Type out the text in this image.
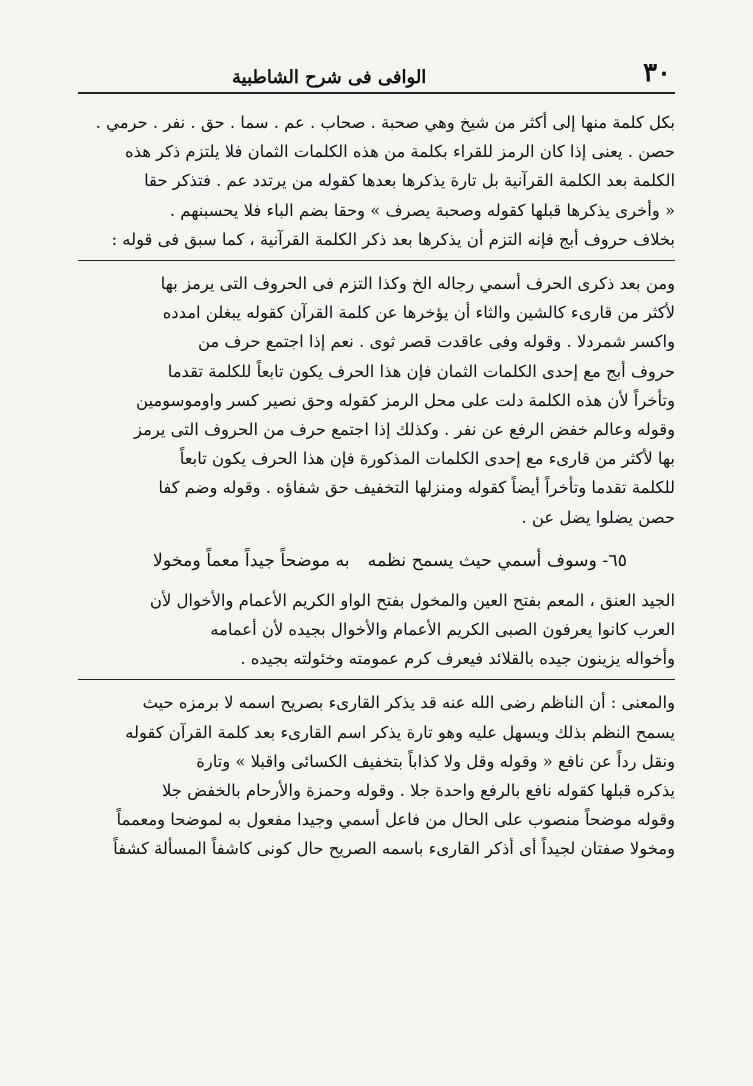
٣٠
الوافى فى شرح الشاطبية

بكل كلمة منها إلى أكثر من شيخ وهي صحبة . صحاب . عم . سما . حق . نفر . حرمي .

حصن . يعنى إذا كان الرمز للقراء بكلمة من هذه الكلمات الثمان فلا يلتزم ذكر هذه

الكلمة بعد الكلمة القرآنية بل تارة يذكرها بعدها كقوله من يرتدد عم . فتذكر حقا

« وأخرى يذكرها قبلها كقوله وصحبة يصرف » وحقا بضم الباء فلا يحسبنهم .

بخلاف حروف أبج فإنه التزم أن يذكرها بعد ذكر الكلمة القرآنية ، كما سبق فى قوله :

ومن بعد ذكرى الحرف أسمي رجاله الخ وكذا التزم فى الحروف التى يرمز بها

لأكثر من قارىء كالشين والثاء أن يؤخرها عن كلمة القرآن كقوله يبغلن امدده

واكسر شمردلا . وقوله وفى عاقدت قصر ثوى . نعم إذا اجتمع حرف من

حروف أبج مع إحدى الكلمات الثمان فإن هذا الحرف يكون تابعاً للكلمة تقدما

وتأخراً لأن هذه الكلمة دلت على محل الرمز كقوله وحق نصير كسر واوموسومين

وقوله وعالم خفض الرفع عن نفر . وكذلك إذا اجتمع حرف من الحروف التى يرمز

بها لأكثر من قارىء مع إحدى الكلمات المذكورة فإن هذا الحرف يكون تابعاً

للكلمة تقدما وتأخراً أيضاً كقوله ومنزلها التخفيف حق شفاؤه . وقوله وضم كفا

حصن يضلوا يضل عن .

٦٥- وسوف أسمي حيث يسمح نظمهبه موضحاً جيداً معماً ومخولا

الجيد العنق ، المعم بفتح العين والمخول بفتح الواو الكريم الأعمام والأخوال لأن

العرب كانوا يعرفون الصبى الكريم الأعمام والأخوال بجيده لأن أعمامه

وأخواله يزينون جيده بالقلائد فيعرف كرم عمومته وخئولته بجيده .

والمعنى : أن الناظم رضى الله عنه قد يذكر القارىء بصريح اسمه لا برمزه حيث

يسمح النظم بذلك ويسهل عليه وهو تارة يذكر اسم القارىء بعد كلمة القرآن كقوله

ونقل رداً عن نافع « وقوله وقل ولا كذاباً بتخفيف الكسائى واقبلا » وتارة

يذكره قبلها كقوله نافع بالرفع واحدة جلا . وقوله وحمزة والأرحام بالخفض جلا

وقوله موضحاً منصوب على الحال من فاعل أسمي وجيدا مفعول به لموضحا ومعمماً

ومخولا صفتان لجيداً أى أذكر القارىء باسمه الصريح حال كونى كاشفاً المسألة كشفاً
